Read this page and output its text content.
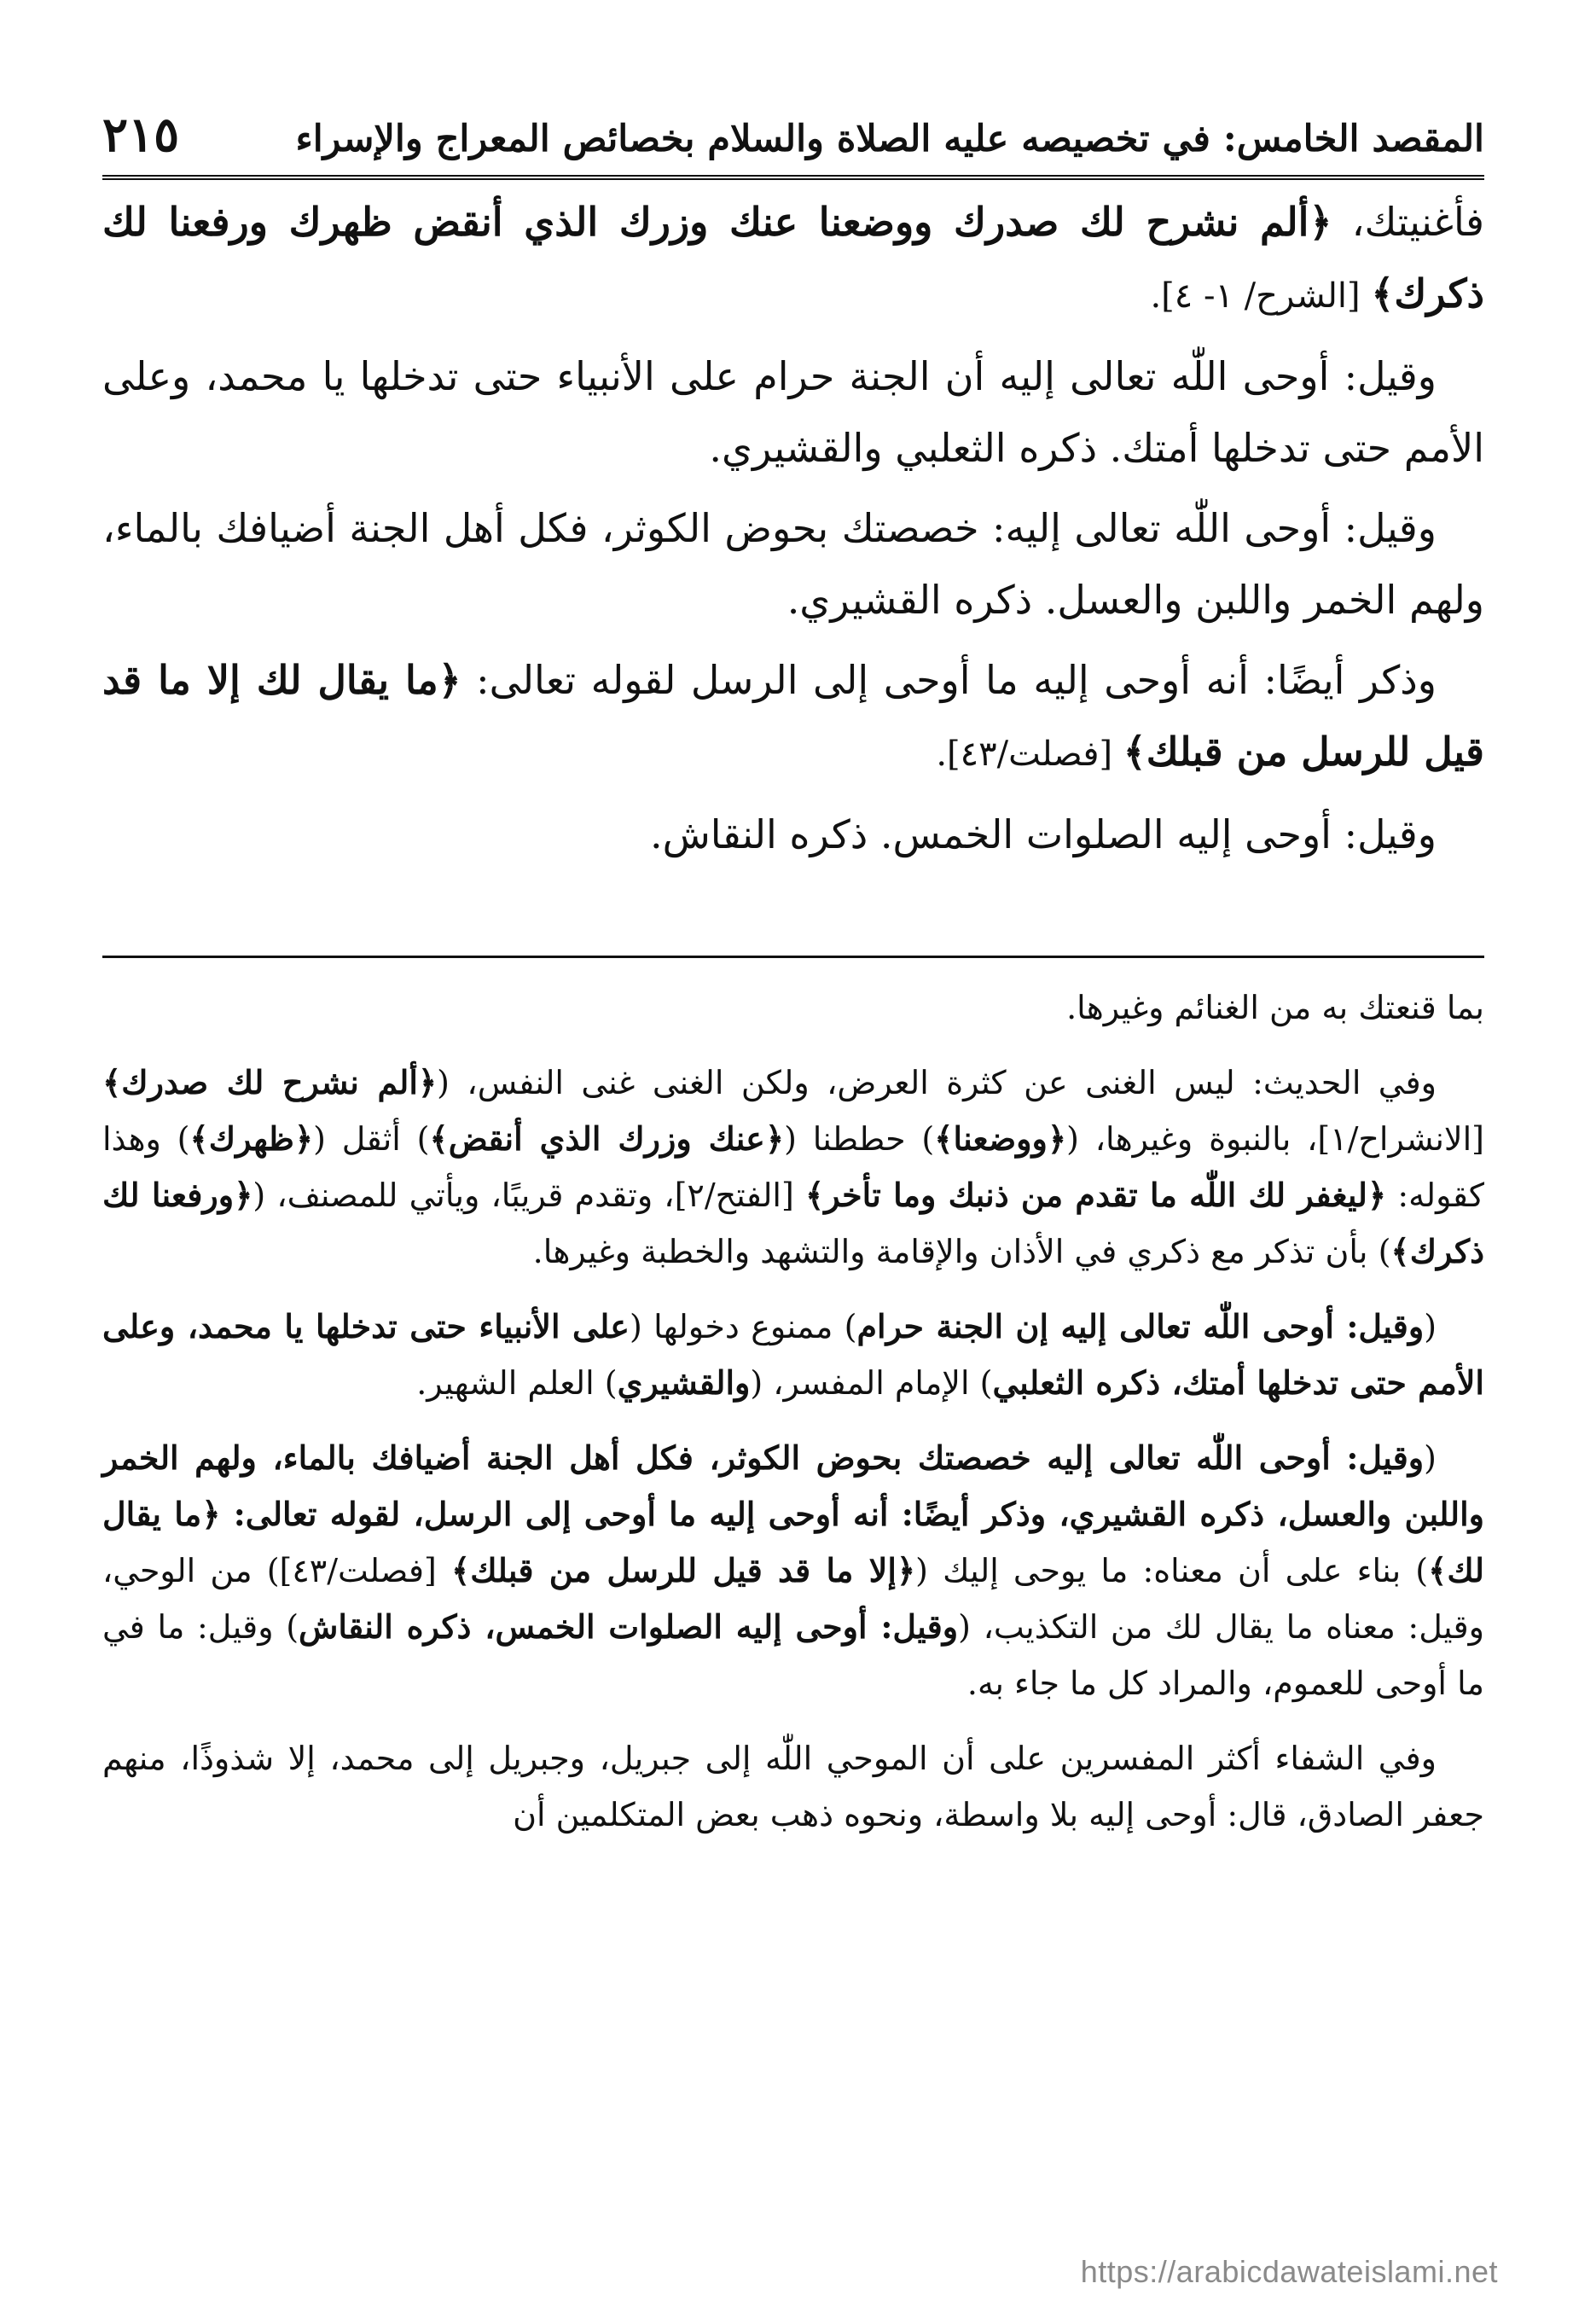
المقصد الخامس: في تخصيصه عليه الصلاة والسلام بخصائص المعراج والإسراء
٢١٥

فأغنيتك، ﴿ألم نشرح لك صدرك ووضعنا عنك وزرك الذي أنقض ظهرك ورفعنا لك ذكرك﴾ [الشرح/ ١- ٤].

وقيل: أوحى اللّٰه تعالى إليه أن الجنة حرام على الأنبياء حتى تدخلها يا محمد، وعلى الأمم حتى تدخلها أمتك. ذكره الثعلبي والقشيري.

وقيل: أوحى اللّٰه تعالى إليه: خصصتك بحوض الكوثر، فكل أهل الجنة أضيافك بالماء، ولهم الخمر واللبن والعسل. ذكره القشيري.

وذكر أيضًا: أنه أوحى إليه ما أوحى إلى الرسل لقوله تعالى: ﴿ما يقال لك إلا ما قد قيل للرسل من قبلك﴾ [فصلت/٤٣].

وقيل: أوحى إليه الصلوات الخمس. ذكره النقاش.

بما قنعتك به من الغنائم وغيرها.

وفي الحديث: ليس الغنى عن كثرة العرض، ولكن الغنى غنى النفس، (﴿ألم نشرح لك صدرك﴾ [الانشراح/١]، بالنبوة وغيرها، (﴿ووضعنا﴾) حططنا (﴿عنك وزرك الذي أنقض﴾) أثقل (﴿ظهرك﴾) وهذا كقوله: ﴿ليغفر لك اللّٰه ما تقدم من ذنبك وما تأخر﴾ [الفتح/٢]، وتقدم قريبًا، ويأتي للمصنف، (﴿ورفعنا لك ذكرك﴾) بأن تذكر مع ذكري في الأذان والإقامة والتشهد والخطبة وغيرها.

(وقيل: أوحى اللّٰه تعالى إليه إن الجنة حرام) ممنوع دخولها (على الأنبياء حتى تدخلها يا محمد، وعلى الأمم حتى تدخلها أمتك، ذكره الثعلبي) الإمام المفسر، (والقشيري) العلم الشهير.

(وقيل: أوحى اللّٰه تعالى إليه خصصتك بحوض الكوثر، فكل أهل الجنة أضيافك بالماء، ولهم الخمر واللبن والعسل، ذكره القشيري، وذكر أيضًا: أنه أوحى إليه ما أوحى إلى الرسل، لقوله تعالى: ﴿ما يقال لك﴾) بناء على أن معناه: ما يوحى إليك (﴿إلا ما قد قيل للرسل من قبلك﴾ [فصلت/٤٣]) من الوحي، وقيل: معناه ما يقال لك من التكذيب، (وقيل: أوحى إليه الصلوات الخمس، ذكره النقاش) وقيل: ما في ما أوحى للعموم، والمراد كل ما جاء به.

وفي الشفاء أكثر المفسرين على أن الموحي اللّٰه إلى جبريل، وجبريل إلى محمد، إلا شذوذًا، منهم جعفر الصادق، قال: أوحى إليه بلا واسطة، ونحوه ذهب بعض المتكلمين أن

https://arabicdawateislami.net
